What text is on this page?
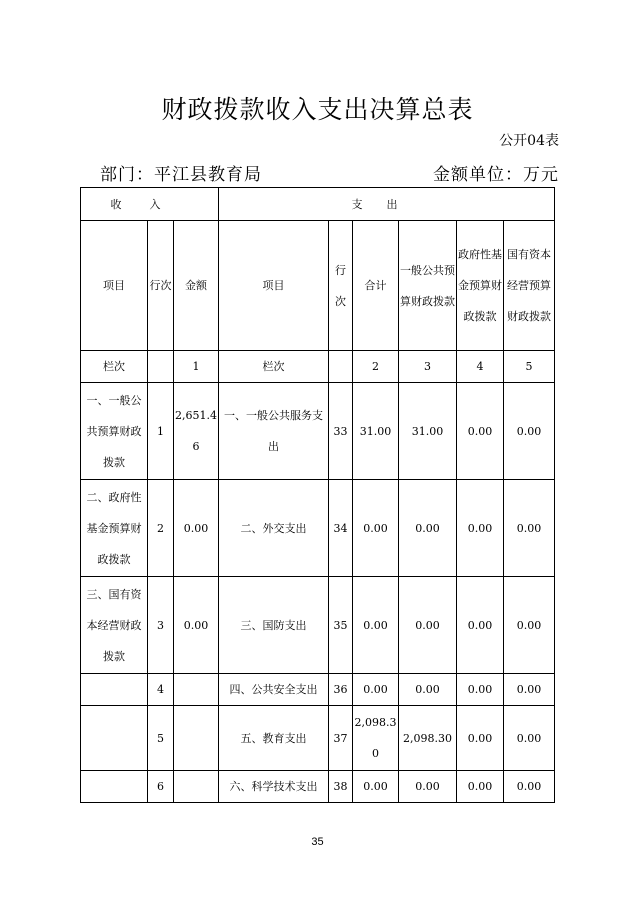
财政拨款收入支出决算总表
公开04表
部门：平江县教育局	金额单位：万元
收入			支出					
项目	行次	金额	项目	行次	合计	一般公共预算财政拨款	政府性基金预算财政拨款	国有资本经营预算财政拨款
栏次		1	栏次		2	3	4	5
一、一般公共预算财政拨款	1	2,651.46	一、一般公共服务支出	33	31.00	31.00	0.00	0.00
二、政府性基金预算财政拨款	2	0.00	二、外交支出	34	0.00	0.00	0.00	0.00
三、国有资本经营财政拨款	3	0.00	三、国防支出	35	0.00	0.00	0.00	0.00
	4		四、公共安全支出	36	0.00	0.00	0.00	0.00
	5		五、教育支出	37	2,098.30	2,098.30	0.00	0.00
	6		六、科学技术支出	38	0.00	0.00	0.00	0.00
35
